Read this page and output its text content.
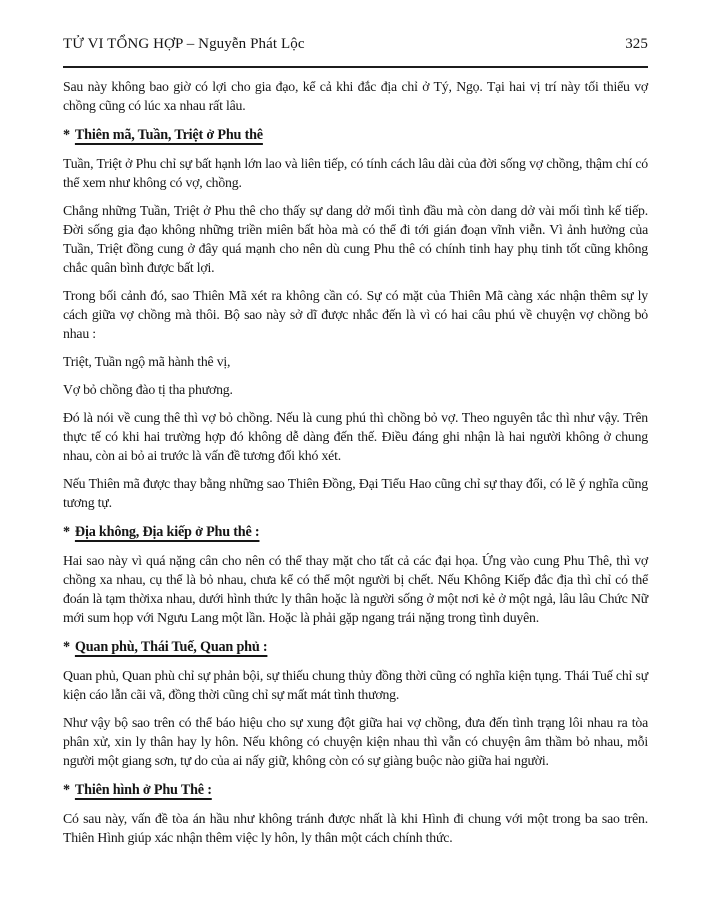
TỬ VI TỔNG HỢP – Nguyễn Phát Lộc	325

Sau này không bao giờ có lợi cho gia đạo, kể cả khi đắc địa chỉ ở Tý, Ngọ. Tại hai vị trí này tối thiểu vợ chồng cũng có lúc xa nhau rất lâu.

* Thiên mã, Tuần, Triệt ở Phu thê

Tuần, Triệt ở Phu chỉ sự bất hạnh lớn lao và liên tiếp, có tính cách lâu dài của đời sống vợ chồng, thậm chí có thể xem như không có vợ, chồng.

Chẳng những Tuần, Triệt ở Phu thê cho thấy sự dang dở mối tình đầu mà còn dang dở vài mối tình kế tiếp. Đời sống gia đạo không những triền miên bất hòa mà có thể đi tới gián đoạn vĩnh viễn. Vì ảnh hưởng của Tuần, Triệt đồng cung ở đây quá mạnh cho nên dù cung Phu thê có chính tinh hay phụ tinh tốt cũng không chắc quân bình được bất lợi.

Trong bối cảnh đó, sao Thiên Mã xét ra không cần có. Sự có mặt của Thiên Mã càng xác nhận thêm sự ly cách giữa vợ chồng mà thôi. Bộ sao này sở dĩ được nhắc đến là vì có hai câu phú về chuyện vợ chồng bỏ nhau :

Triệt, Tuần ngộ mã hành thê vị,

Vợ bỏ chồng đào tị tha phương.

Đó là nói về cung thê thì vợ bỏ chồng. Nếu là cung phú thì chồng bỏ vợ. Theo nguyên tắc thì như vậy. Trên thực tế có khi hai trường hợp đó không dễ dàng đến thế. Điều đáng ghi nhận là hai người không ở chung nhau, còn ai bỏ ai trước là vấn đề tương đối khó xét.

Nếu Thiên mã được thay bằng những sao Thiên Đồng, Đại Tiểu Hao cũng chỉ sự thay đổi, có lẽ ý nghĩa cũng tương tự.

* Địa không, Địa kiếp ở Phu thê :

Hai sao này vì quá nặng cân cho nên có thể thay mặt cho tất cả các đại họa. Ứng vào cung Phu Thê, thì vợ chồng xa nhau, cụ thể là bỏ nhau, chưa kể có thể một người bị chết. Nếu Không Kiếp đắc địa thì chỉ có thể đoán là tạm thờixa nhau, dưới hình thức ly thân hoặc là người sống ở một nơi kẻ ở một ngả, lâu lâu Chức Nữ mới sum họp với Ngưu Lang một lần. Hoặc là phải gặp ngang trái nặng trong tình duyên.

* Quan phù, Thái Tuế, Quan phủ :

Quan phủ, Quan phù chỉ sự phản bội, sự thiếu chung thủy đồng thời cũng có nghĩa kiện tụng. Thái Tuế chỉ sự kiện cáo lẫn cãi vã, đồng thời cũng chỉ sự mất mát tình thương.

Như vậy bộ sao trên có thể báo hiệu cho sự xung đột giữa hai vợ chồng, đưa đến tình trạng lôi nhau ra tòa phân xử, xin ly thân hay ly hôn. Nếu không có chuyện kiện nhau thì vẫn có chuyện âm thầm bỏ nhau, mỗi người một giang sơn, tự do của ai nấy giữ, không còn có sự giàng buộc nào giữa hai người.

* Thiên hình ở Phu Thê :

Có sau này, vấn đề tòa án hầu như không tránh được nhất là khi Hình đi chung với một trong ba sao trên. Thiên Hình giúp xác nhận thêm việc ly hôn, ly thân một cách chính thức.
